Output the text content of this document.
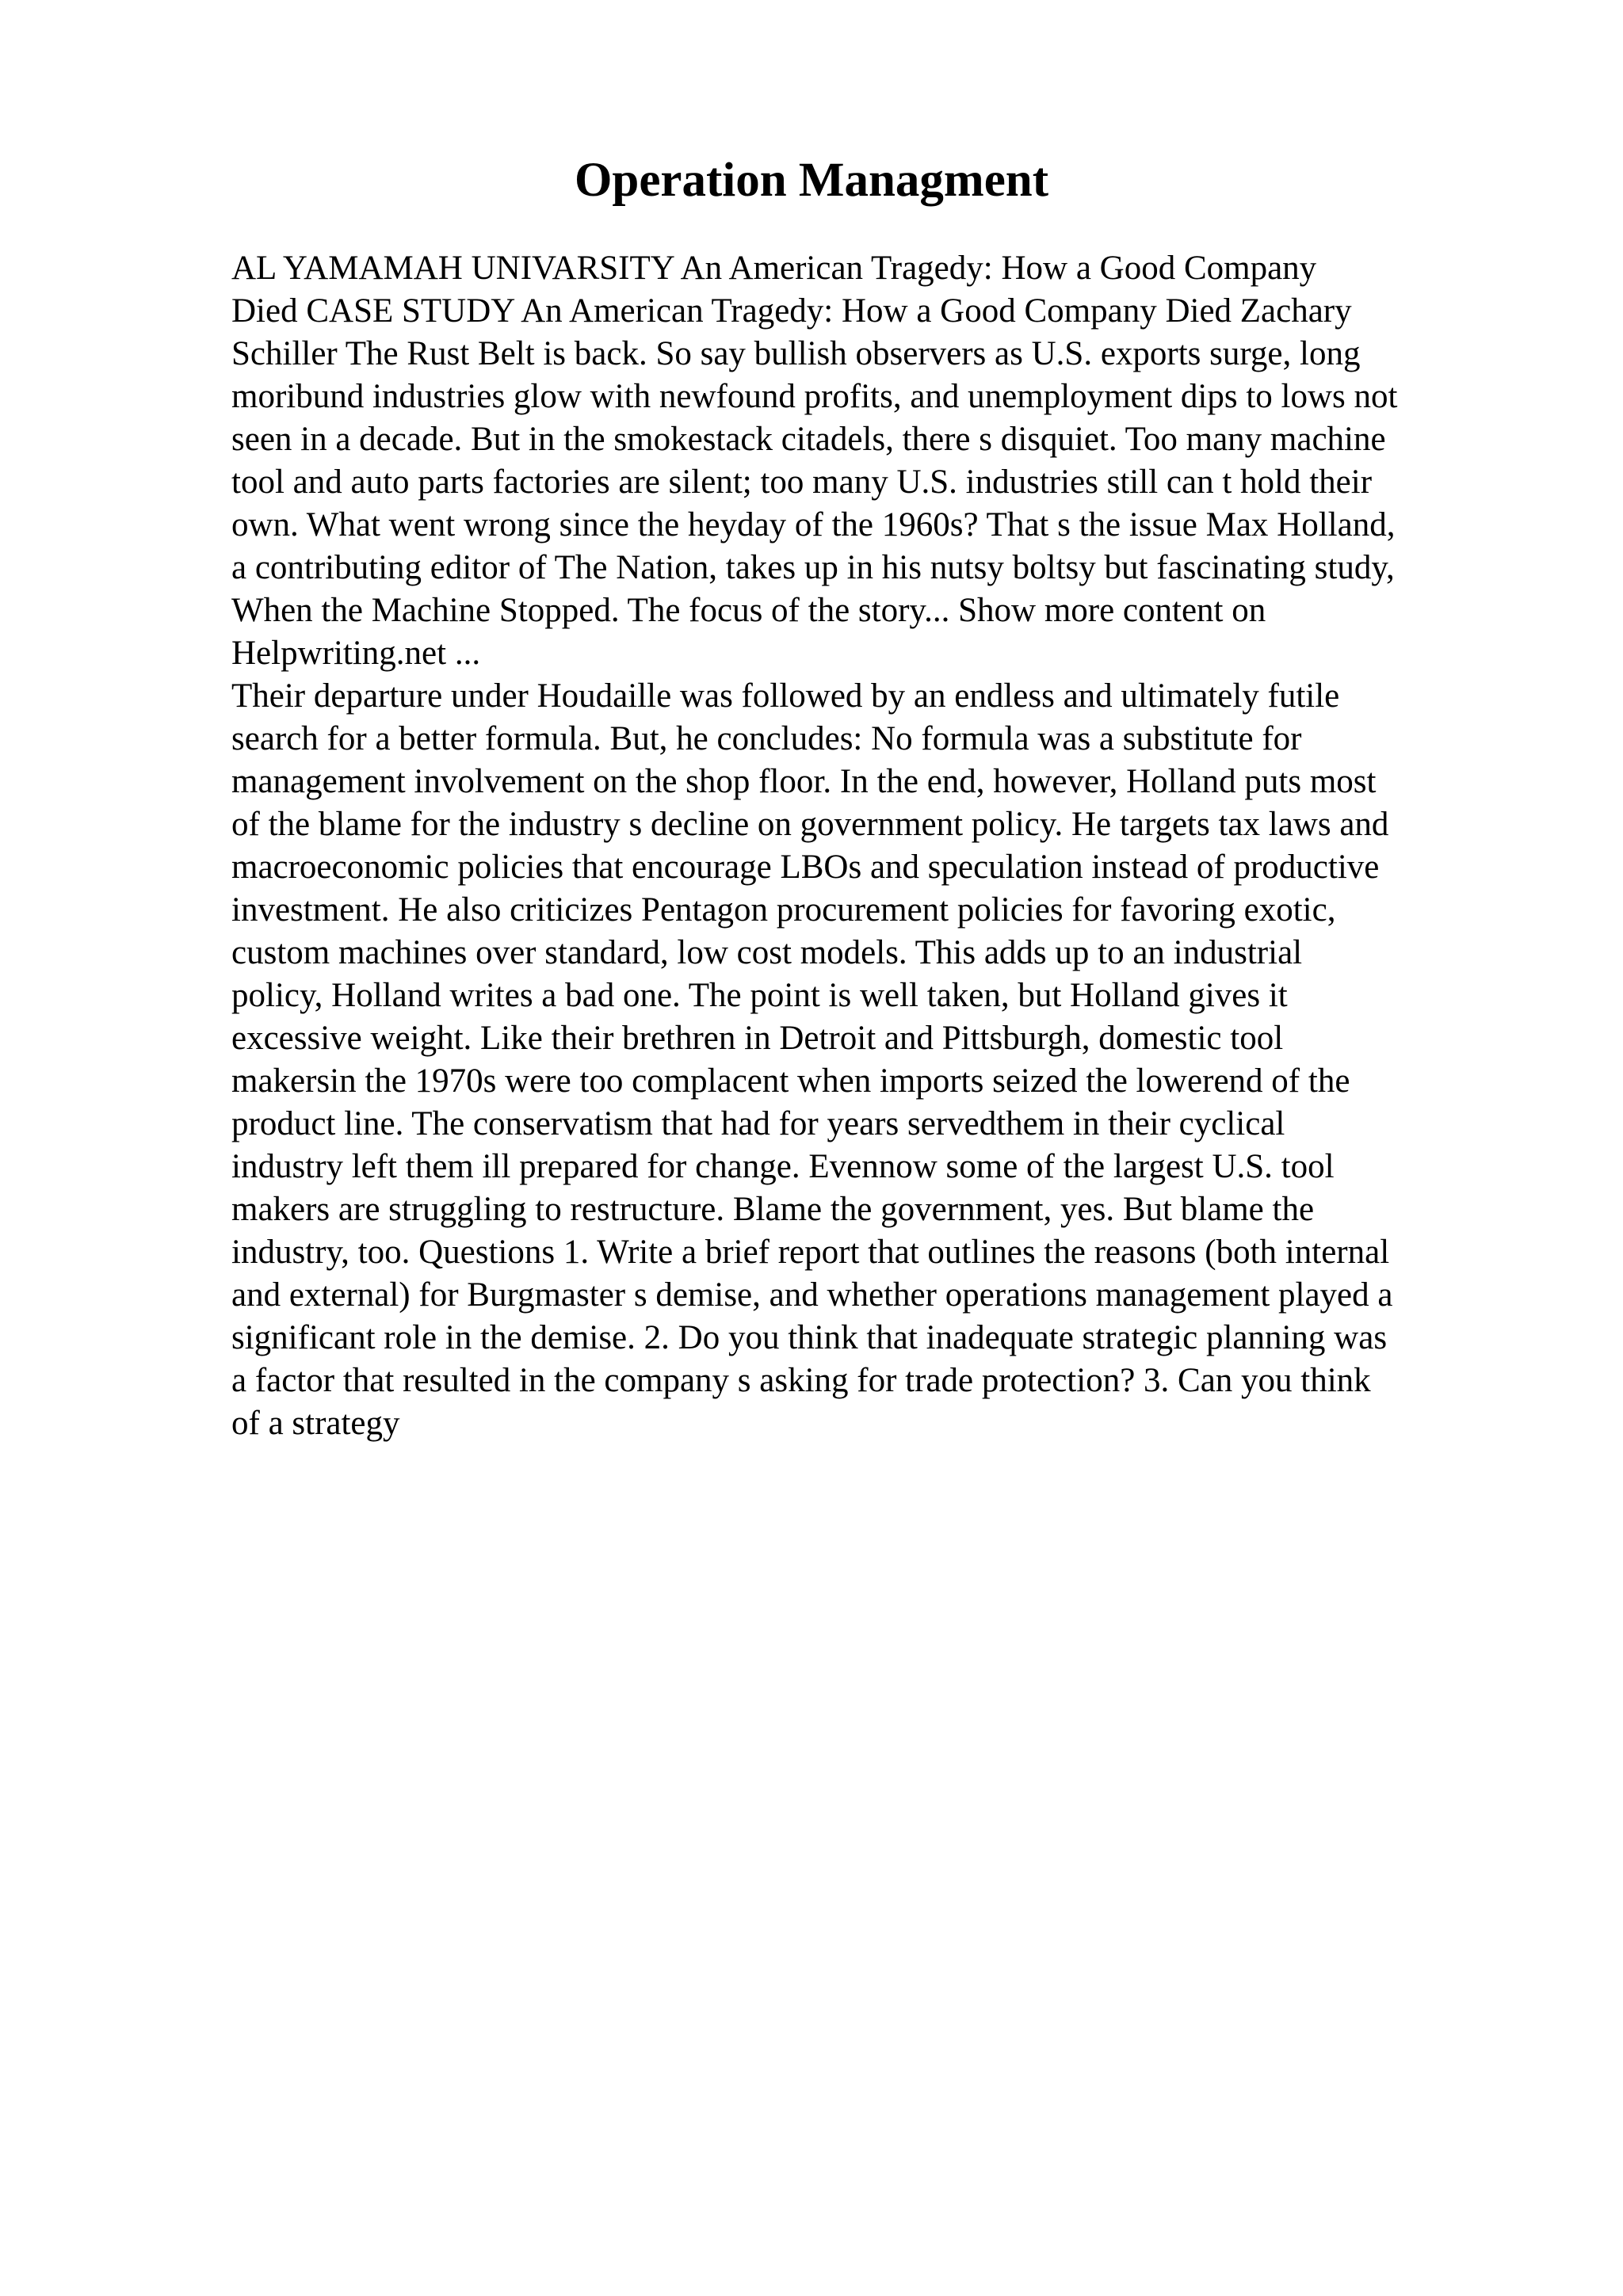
Operation Managment

AL YAMAMAH UNIVARSITY An American Tragedy: How a Good Company
Died CASE STUDY An American Tragedy: How a Good Company Died Zachary
Schiller The Rust Belt is back. So say bullish observers as U.S. exports surge, long
moribund industries glow with newfound profits, and unemployment dips to lows not
seen in a decade. But in the smokestack citadels, there s disquiet. Too many machine
tool and auto parts factories are silent; too many U.S. industries still can t hold their
own. What went wrong since the heyday of the 1960s? That s the issue Max Holland,
a contributing editor of The Nation, takes up in his nutsy boltsy but fascinating study,
When the Machine Stopped. The focus of the story... Show more content on
Helpwriting.net ...

Their departure under Houdaille was followed by an endless and ultimately futile
search for a better formula. But, he concludes: No formula was a substitute for
management involvement on the shop floor. In the end, however, Holland puts most
of the blame for the industry s decline on government policy. He targets tax laws and
macroeconomic policies that encourage LBOs and speculation instead of productive
investment. He also criticizes Pentagon procurement policies for favoring exotic,
custom machines over standard, low cost models. This adds up to an industrial
policy, Holland writes a bad one. The point is well taken, but Holland gives it
excessive weight. Like their brethren in Detroit and Pittsburgh, domestic tool
makersin the 1970s were too complacent when imports seized the lowerend of the
product line. The conservatism that had for years servedthem in their cyclical
industry left them ill prepared for change. Evennow some of the largest U.S. tool
makers are struggling to restructure. Blame the government, yes. But blame the
industry, too. Questions 1. Write a brief report that outlines the reasons (both internal
and external) for Burgmaster s demise, and whether operations management played a
significant role in the demise. 2. Do you think that inadequate strategic planning was
a factor that resulted in the company s asking for trade protection? 3. Can you think
of a strategy
